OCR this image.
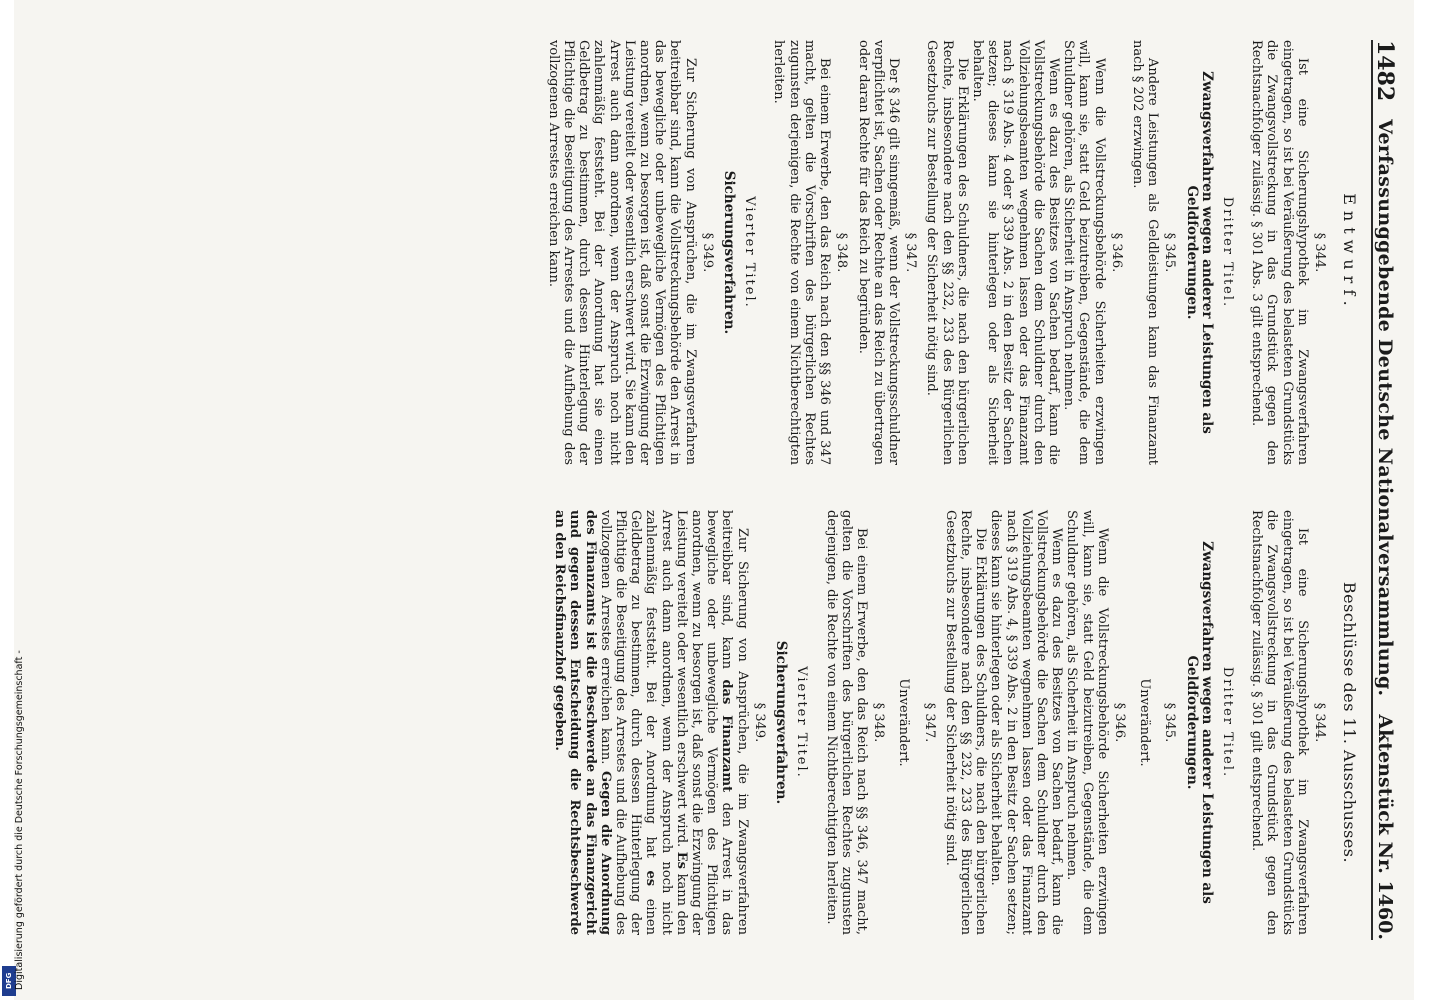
1482
Verfassunggebende Deutsche Nationalversammlung.
Aktenstück Nr. 1460.
Entwurf.
§ 344.

Ist eine Sicherungshypothek im Zwangsverfahren eingetragen, so ist bei Veräußerung des belasteten Grundstücks die Zwangsvollstreckung in das Grundstück gegen den Rechtsnachfolger zulässig. § 301 Abs. 3 gilt entsprechend.

Dritter Titel.
Zwangsverfahren wegen anderer Leistungen als Geldforderungen.
§ 345.

Andere Leistungen als Geldleistungen kann das Finanzamt nach § 202 erzwingen.

§ 346.

Wenn die Vollstreckungsbehörde Sicherheiten erzwingen will, kann sie, statt Geld beizutreiben, Gegenstände, die dem Schuldner gehören, als Sicherheit in Anspruch nehmen.

Wenn es dazu des Besitzes von Sachen bedarf, kann die Vollstreckungsbehörde die Sachen dem Schuldner durch den Vollziehungsbeamten wegnehmen lassen oder das Finanzamt nach § 319 Abs. 4 oder § 339 Abs. 2 in den Besitz der Sachen setzen; dieses kann sie hinterlegen oder als Sicherheit behalten.

Die Erklärungen des Schuldners, die nach den bürgerlichen Rechte, insbesondere nach den §§ 232, 233 des Bürgerlichen Gesetzbuchs zur Bestellung der Sicherheit nötig sind.

§ 347.

Der § 346 gilt sinngemäß, wenn der Vollstreckungsschuldner verpflichtet ist, Sachen oder Rechte an das Reich zu übertragen oder daran Rechte für das Reich zu begründen.

§ 348.

Bei einem Erwerbe, den das Reich nach den §§ 346 und 347 macht, gelten die Vorschriften des bürgerlichen Rechtes zugunsten derjenigen, die Rechte von einem Nichtberechtigten herleiten.

Vierter Titel.
Sicherungsverfahren.
§ 349.

Zur Sicherung von Ansprüchen, die im Zwangsverfahren beitreibbar sind, kann die Vollstreckungsbehörde den Arrest in das bewegliche oder unbewegliche Vermögen des Pflichtigen anordnen, wenn zu besorgen ist, daß sonst die Erzwingung der Leistung vereitelt oder wesentlich erschwert wird. Sie kann den Arrest auch dann anordnen, wenn der Anspruch noch nicht zahlenmäßig feststeht. Bei der Anordnung hat sie einen Geldbetrag zu bestimmen, durch dessen Hinterlegung der Pflichtige die Beseitigung des Arrestes und die Aufhebung des vollzogenen Arrestes erreichen kann.

Beschlüsse des 11. Ausschusses.
§ 344.

Ist eine Sicherungshypothek im Zwangsverfahren eingetragen, so ist bei Veräußerung des belasteten Grundstücks die Zwangsvollstreckung in das Grundstück gegen den Rechtsnachfolger zulässig. § 301 gilt entsprechend.

Dritter Titel.
Zwangsverfahren wegen anderer Leistungen als Geldforderungen.
§ 345.
Unverändert.
§ 346.

Wenn die Vollstreckungsbehörde Sicherheiten erzwingen will, kann sie, statt Geld beizutreiben, Gegenstände, die dem Schuldner gehören, als Sicherheit in Anspruch nehmen.

Wenn es dazu des Besitzes von Sachen bedarf, kann die Vollstreckungsbehörde die Sachen dem Schuldner durch den Vollziehungsbeamten wegnehmen lassen oder das Finanzamt nach § 319 Abs. 4, § 339 Abs. 2 in den Besitz der Sachen setzen; dieses kann sie hinterlegen oder als Sicherheit behalten.

Die Erklärungen des Schuldners, die nach den bürgerlichen Rechte, insbesondere nach den §§ 232, 233 des Bürgerlichen Gesetzbuchs zur Bestellung der Sicherheit nötig sind.

§ 347.
Unverändert.
§ 348.

Bei einem Erwerbe, den das Reich nach §§ 346, 347 macht, gelten die Vorschriften des bürgerlichen Rechtes zugunsten derjenigen, die Rechte von einem Nichtberechtigten herleiten.

Vierter Titel.
Sicherungsverfahren.
§ 349.

Zur Sicherung von Ansprüchen, die im Zwangsverfahren beitreibbar sind, kann das Finanzamt den Arrest in das bewegliche oder unbewegliche Vermögen des Pflichtigen anordnen, wenn zu besorgen ist, daß sonst die Erzwingung der Leistung vereitelt oder wesentlich erschwert wird. Es kann den Arrest auch dann anordnen, wenn der Anspruch noch nicht zahlenmäßig feststeht. Bei der Anordnung hat es einen Geldbetrag zu bestimmen, durch dessen Hinterlegung der Pflichtige die Beseitigung des Arrestes und die Aufhebung des vollzogenen Arrestes erreichen kann. Gegen die Anordnung des Finanzamts ist die Beschwerde an das Finanzgericht und gegen dessen Entscheidung die Rechtsbeschwerde an den Reichsfinanzhof gegeben.

DFG Digitalisierung gefördert durch die Deutsche Forschungsgemeinschaft -
